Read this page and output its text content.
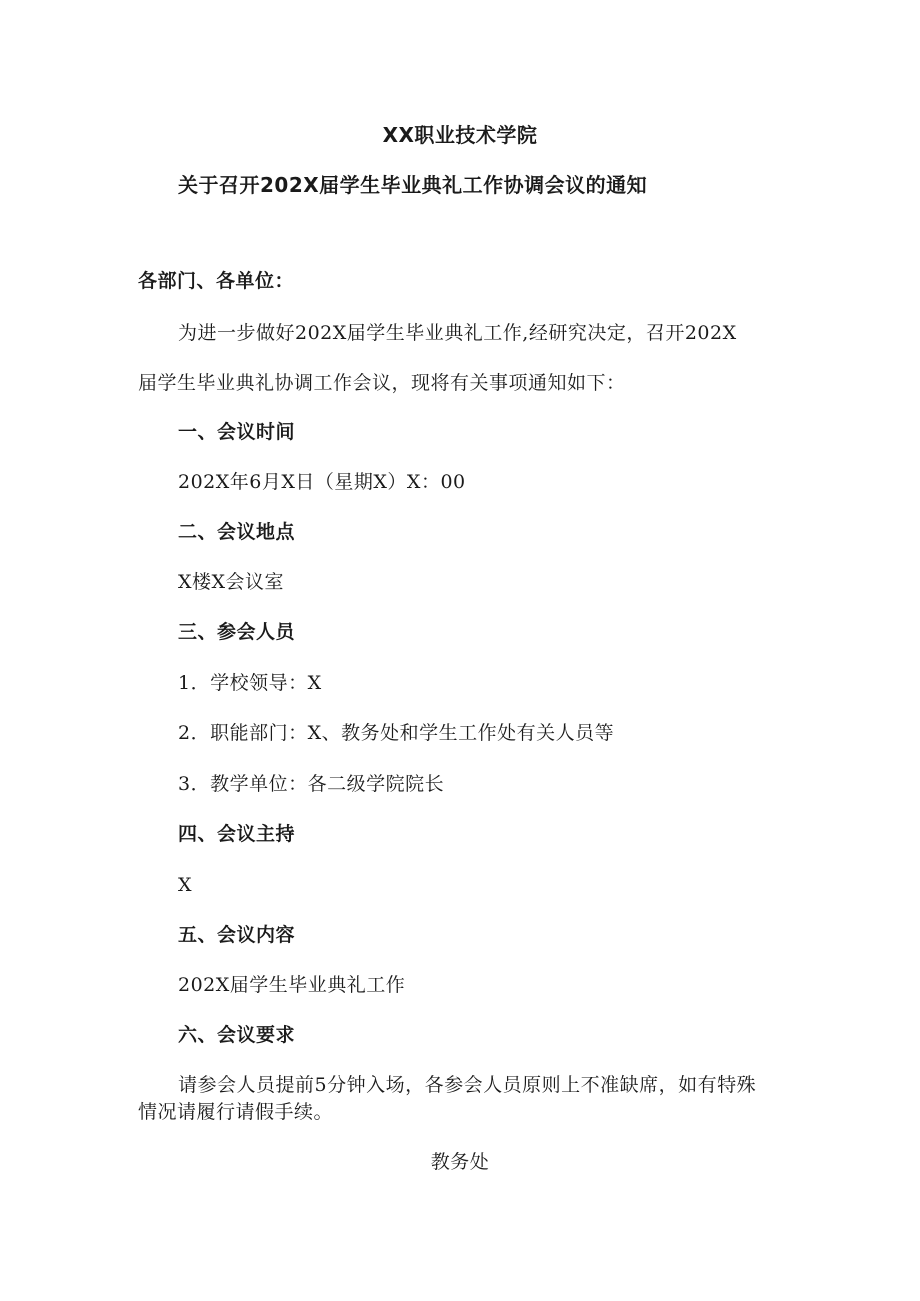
XX职业技术学院
关于召开202X届学生毕业典礼工作协调会议的通知
各部门、各单位：
为进一步做好202X届学生毕业典礼工作,经研究决定，召开202X
届学生毕业典礼协调工作会议，现将有关事项通知如下：
一、会议时间
202X年6月X日（星期X）X：00
二、会议地点
X楼X会议室
三、参会人员
1．学校领导：X
2．职能部门：X、教务处和学生工作处有关人员等
3．教学单位：各二级学院院长
四、会议主持
X
五、会议内容
202X届学生毕业典礼工作
六、会议要求
请参会人员提前5分钟入场，各参会人员原则上不准缺席，如有特殊
情况请履行请假手续。
教务处
